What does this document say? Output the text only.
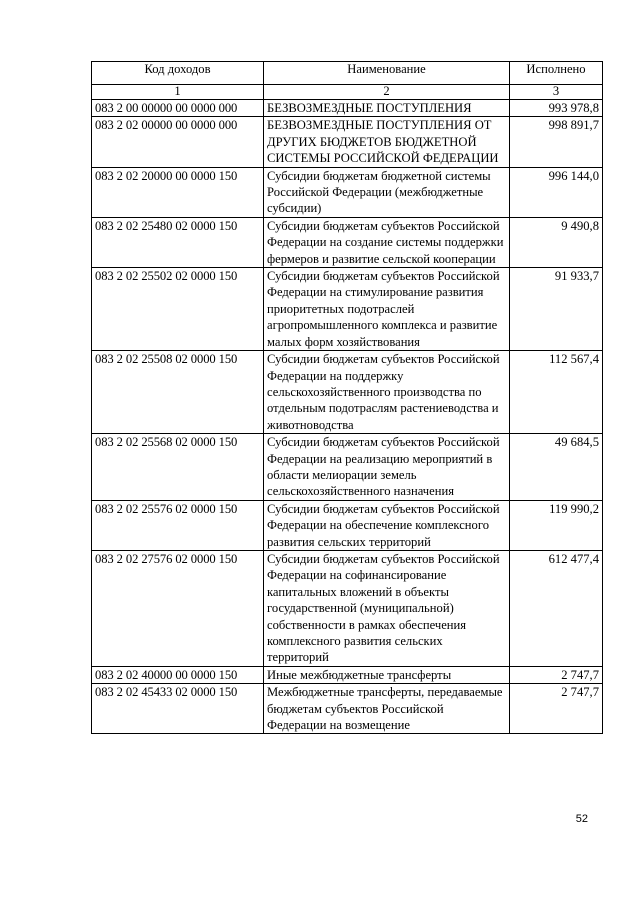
Код доходов	Наименование	Исполнено
1	2	3
083 2 00 00000 00 0000 000	БЕЗВОЗМЕЗДНЫЕ ПОСТУПЛЕНИЯ	993 978,8
083 2 02 00000 00 0000 000	БЕЗВОЗМЕЗДНЫЕ ПОСТУПЛЕНИЯ ОТ ДРУГИХ БЮДЖЕТОВ БЮДЖЕТНОЙ СИСТЕМЫ РОССИЙСКОЙ ФЕДЕРАЦИИ	998 891,7
083 2 02 20000 00 0000 150	Субсидии бюджетам бюджетной системы Российской Федерации (межбюджетные субсидии)	996 144,0
083 2 02 25480 02 0000 150	Субсидии бюджетам субъектов Российской Федерации на создание системы поддержки фермеров и развитие сельской кооперации	9 490,8
083 2 02 25502 02 0000 150	Субсидии бюджетам субъектов Российской Федерации на стимулирование развития приоритетных подотраслей агропромышленного комплекса и развитие малых форм хозяйствования	91 933,7
083 2 02 25508 02 0000 150	Субсидии бюджетам субъектов Российской Федерации на поддержку сельскохозяйственного производства по отдельным подотраслям растениеводства и животноводства	112 567,4
083 2 02 25568 02 0000 150	Субсидии бюджетам субъектов Российской Федерации на реализацию мероприятий в области мелиорации земель сельскохозяйственного назначения	49 684,5
083 2 02 25576 02 0000 150	Субсидии бюджетам субъектов Российской Федерации на обеспечение комплексного развития сельских территорий	119 990,2
083 2 02 27576 02 0000 150	Субсидии бюджетам субъектов Российской Федерации на софинансирование капитальных вложений в объекты государственной (муниципальной) собственности в рамках обеспечения комплексного развития сельских территорий	612 477,4
083 2 02 40000 00 0000 150	Иные межбюджетные трансферты	2 747,7
083 2 02 45433 02 0000 150	Межбюджетные трансферты, передаваемые бюджетам субъектов Российской Федерации на возмещение	2 747,7
52
